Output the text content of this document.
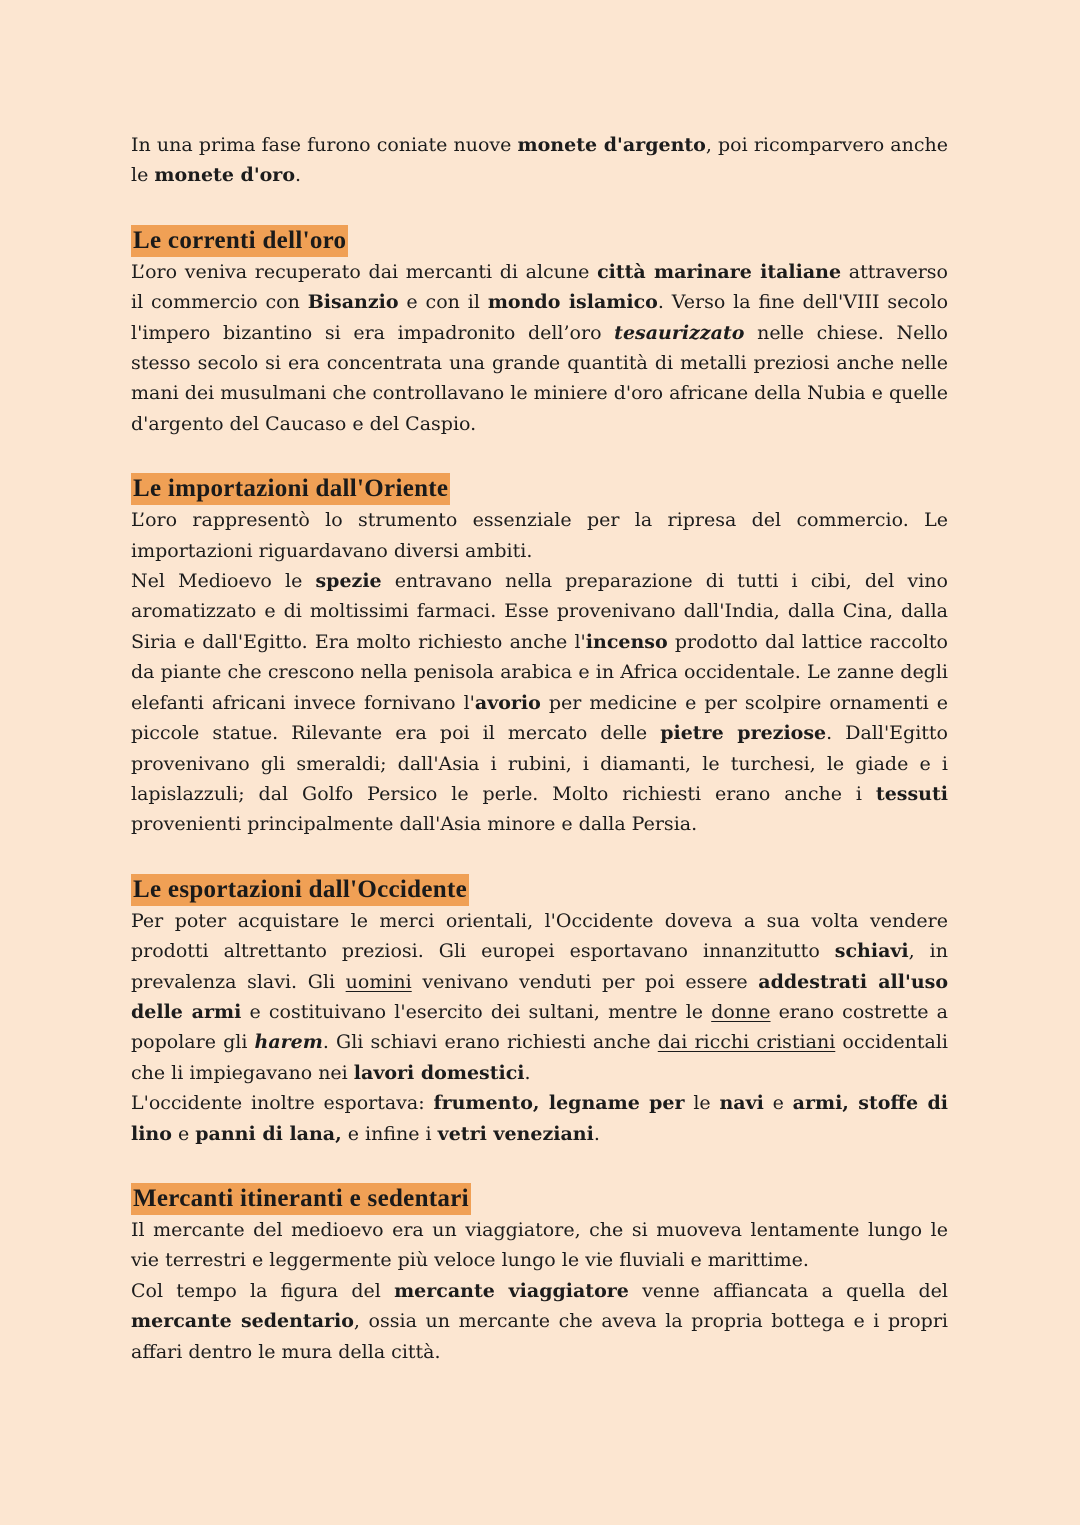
In una prima fase furono coniate nuove monete d'argento, poi ricomparvero anche le monete d'oro.

Le correnti dell'oro

L’oro veniva recuperato dai mercanti di alcune città marinare italiane attraverso il commercio con Bisanzio e con il mondo islamico. Verso la fine dell'VIII secolo l'impero bizantino si era impadronito dell’oro tesaurizzato nelle chiese. Nello stesso secolo si era concentrata una grande quantità di metalli preziosi anche nelle mani dei musulmani che controllavano le miniere d'oro africane della Nubia e quelle d'argento del Caucaso e del Caspio.

Le importazioni dall'Oriente

L’oro rappresentò lo strumento essenziale per la ripresa del commercio. Le importazioni riguardavano diversi ambiti.

Nel Medioevo le spezie entravano nella preparazione di tutti i cibi, del vino aromatizzato e di moltissimi farmaci. Esse provenivano dall'India, dalla Cina, dalla Siria e dall'Egitto. Era molto richiesto anche l'incenso prodotto dal lattice raccolto da piante che crescono nella penisola arabica e in Africa occidentale. Le zanne degli elefanti africani invece fornivano l'avorio per medicine e per scolpire ornamenti e piccole statue. Rilevante era poi il mercato delle pietre preziose. Dall'Egitto provenivano gli smeraldi; dall'Asia i rubini, i diamanti, le turchesi, le giade e i lapislazzuli; dal Golfo Persico le perle. Molto richiesti erano anche i tessuti provenienti principalmente dall'Asia minore e dalla Persia.

Le esportazioni dall'Occidente

Per poter acquistare le merci orientali, l'Occidente doveva a sua volta vendere prodotti altrettanto preziosi. Gli europei esportavano innanzitutto schiavi, in prevalenza slavi. Gli uomini venivano venduti per poi essere addestrati all'uso delle armi e costituivano l'esercito dei sultani, mentre le donne erano costrette a popolare gli harem. Gli schiavi erano richiesti anche dai ricchi cristiani occidentali che li impiegavano nei lavori domestici.

L'occidente inoltre esportava: frumento, legname per le navi e armi, stoffe di lino e panni di lana, e infine i vetri veneziani.

Mercanti itineranti e sedentari

Il mercante del medioevo era un viaggiatore, che si muoveva lentamente lungo le vie terrestri e leggermente più veloce lungo le vie fluviali e marittime.

Col tempo la figura del mercante viaggiatore venne affiancata a quella del mercante sedentario, ossia un mercante che aveva la propria bottega e i propri affari dentro le mura della città.
